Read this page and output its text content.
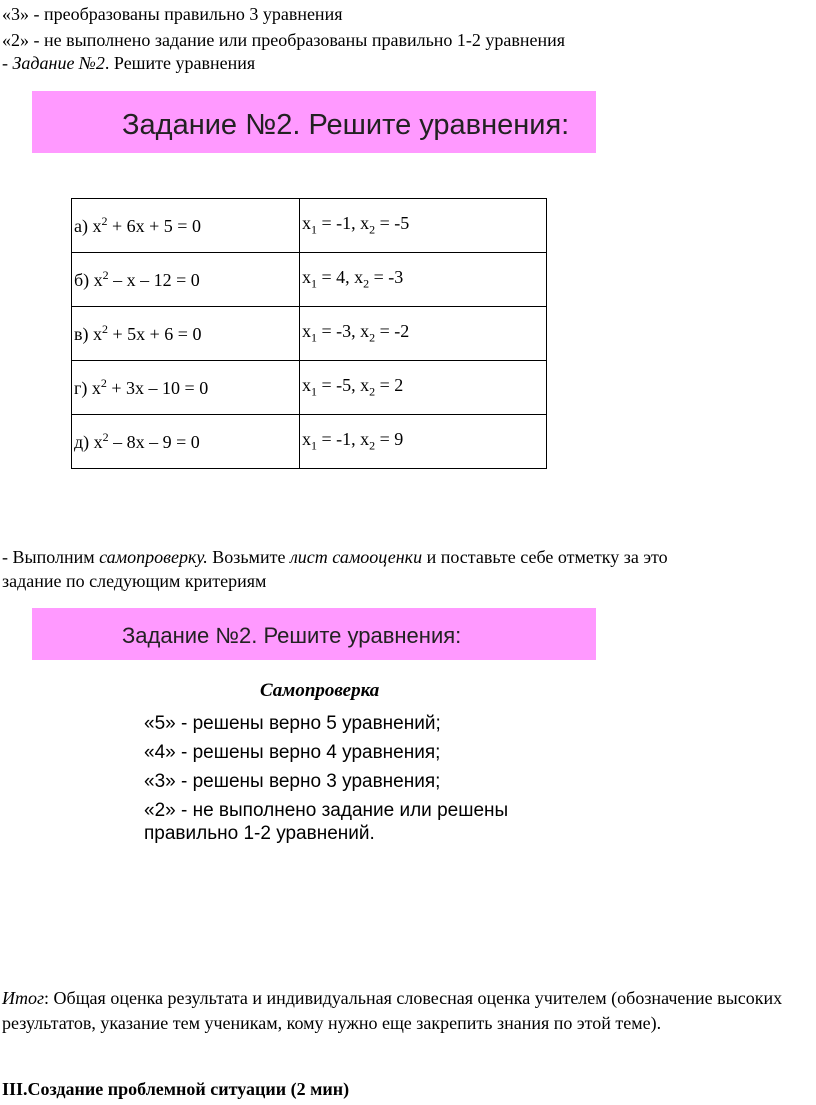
«3» - преобразованы правильно 3 уравнения
«2» - не выполнено задание или преобразованы правильно 1-2 уравнения
- Задание №2. Решите уравнения
Задание №2. Решите уравнения:
а) $x^2 + 6x + 5 = 0$	$x_1 = -1$, $x_2 = -5$
б) $x^2 - x - 12 = 0$	$x_1 = 4$, $x_2 = -3$
в) $x^2 + 5x + 6 = 0$	$x_1 = -3$, $x_2 = -2$
г) $x^2 + 3x - 10 = 0$	$x_1 = -5$, $x_2 = 2$
д) $x^2 - 8x - 9 = 0$	$x_1 = -1$, $x_2 = 9$
- Выполним самопроверку. Возьмите лист самооценки и поставьте себе отметку за это
задание по следующим критериям
Задание №2. Решите уравнения:
Самопроверка
«5» - решены верно 5 уравнений;
«4» - решены верно 4 уравнения;
«3» - решены верно 3 уравнения;
«2» - не выполнено задание или решены
правильно 1-2 уравнений.
Итог: Общая оценка результата и индивидуальная словесная оценка учителем (обозначение высоких результатов, указание тем ученикам, кому нужно еще закрепить знания по этой теме).
III.Создание проблемной ситуации (2 мин)
